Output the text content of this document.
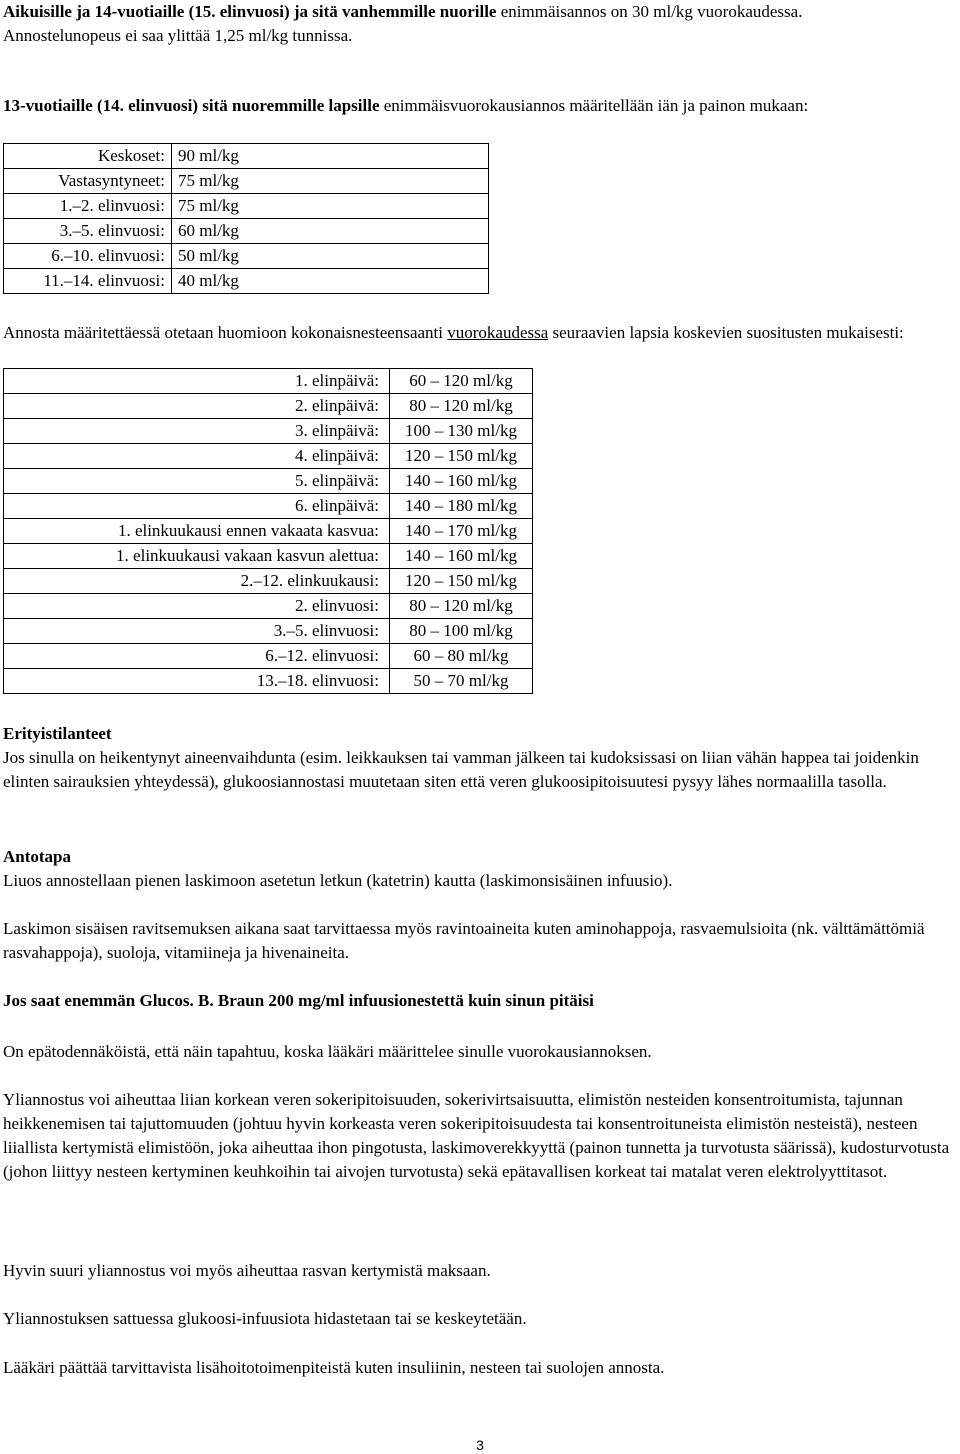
Aikuisille ja 14-vuotiaille (15. elinvuosi) ja sitä vanhemmille nuorille enimmäisannos on 30 ml/kg vuorokaudessa.

Annostelunopeus ei saa ylittää 1,25 ml/kg tunnissa.

13-vuotiaille (14. elinvuosi) sitä nuoremmille lapsille enimmäisvuorokausiannos määritellään iän ja painon mukaan:

Keskoset:	90 ml/kg
Vastasyntyneet:	75 ml/kg
1.–2. elinvuosi:	75 ml/kg
3.–5. elinvuosi:	60 ml/kg
6.–10. elinvuosi:	50 ml/kg
11.–14. elinvuosi:	40 ml/kg

Annosta määritettäessä otetaan huomioon kokonaisnesteensaanti vuorokaudessa seuraavien lapsia koskevien suositusten mukaisesti:

1. elinpäivä:	60 – 120 ml/kg
2. elinpäivä:	80 – 120 ml/kg
3. elinpäivä:	100 – 130 ml/kg
4. elinpäivä:	120 – 150 ml/kg
5. elinpäivä:	140 – 160 ml/kg
6. elinpäivä:	140 – 180 ml/kg
1. elinkuukausi ennen vakaata kasvua:	140 – 170 ml/kg
1. elinkuukausi vakaan kasvun alettua:	140 – 160 ml/kg
2.–12. elinkuukausi:	120 – 150 ml/kg
2. elinvuosi:	80 – 120 ml/kg
3.–5. elinvuosi:	80 – 100 ml/kg
6.–12. elinvuosi:	60 – 80 ml/kg
13.–18. elinvuosi:	50 – 70 ml/kg

Erityistilanteet

Jos sinulla on heikentynyt aineenvaihdunta (esim. leikkauksen tai vamman jälkeen tai kudoksissasi on liian vähän happea tai joidenkin elinten sairauksien yhteydessä), glukoosiannostasi muutetaan siten että veren glukoosipitoisuutesi pysyy lähes normaalilla tasolla.

Antotapa

Liuos annostellaan pienen laskimoon asetetun letkun (katetrin) kautta (laskimonsisäinen infuusio).

Laskimon sisäisen ravitsemuksen aikana saat tarvittaessa myös ravintoaineita kuten aminohappoja, rasvaemulsioita (nk. välttämättömiä rasvahappoja), suoloja, vitamiineja ja hivenaineita.

Jos saat enemmän Glucos. B. Braun 200 mg/ml infuusionestettä kuin sinun pitäisi

On epätodennäköistä, että näin tapahtuu, koska lääkäri määrittelee sinulle vuorokausiannoksen.

Yliannostus voi aiheuttaa liian korkean veren sokeripitoisuuden, sokerivirtsaisuutta, elimistön nesteiden konsentroitumista, tajunnan heikkenemisen tai tajuttomuuden (johtuu hyvin korkeasta veren sokeripitoisuudesta tai konsentroituneista elimistön nesteistä), nesteen liiallista kertymistä elimistöön, joka aiheuttaa ihon pingotusta, laskimoverekkyyttä (painon tunnetta ja turvotusta säärissä), kudosturvotusta (johon liittyy nesteen kertyminen keuhkoihin tai aivojen turvotusta) sekä epätavallisen korkeat tai matalat veren elektrolyyttitasot.

Hyvin suuri yliannostus voi myös aiheuttaa rasvan kertymistä maksaan.

Yliannostuksen sattuessa glukoosi-infuusiota hidastetaan tai se keskeytetään.

Lääkäri päättää tarvittavista lisähoitotoimenpiteistä kuten insuliinin, nesteen tai suolojen annosta.

3
